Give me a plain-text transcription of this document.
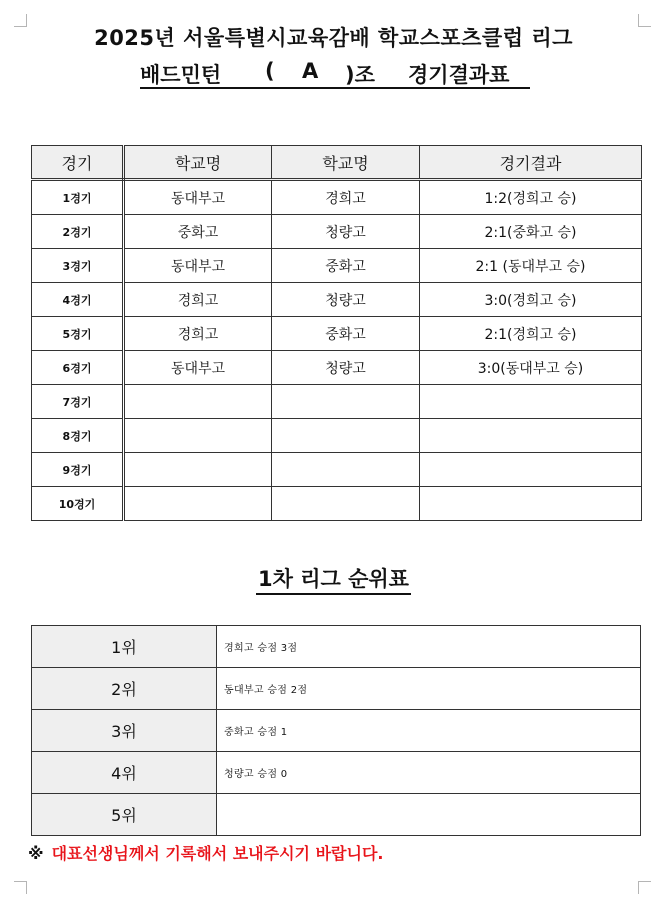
2025년 서울특별시교육감배 학교스포츠클럽 리그

배드민턴

(

A

)조

경기결과표

경기	학교명	학교명	경기결과
1경기	동대부고	경희고	1:2(경희고 승)
2경기	중화고	청량고	2:1(중화고 승)
3경기	동대부고	중화고	2:1 (동대부고 승)
4경기	경희고	청량고	3:0(경희고 승)
5경기	경희고	중화고	2:1(경희고 승)
6경기	동대부고	청량고	3:0(동대부고 승)
7경기			
8경기			
9경기			
10경기			
1차 리그 순위표
1위	경희고 승점 3점
2위	동대부고 승점 2점
3위	중화고 승점 1
4위	청량고 승점 0
5위	
※ 대표선생님께서 기록해서 보내주시기 바랍니다.
